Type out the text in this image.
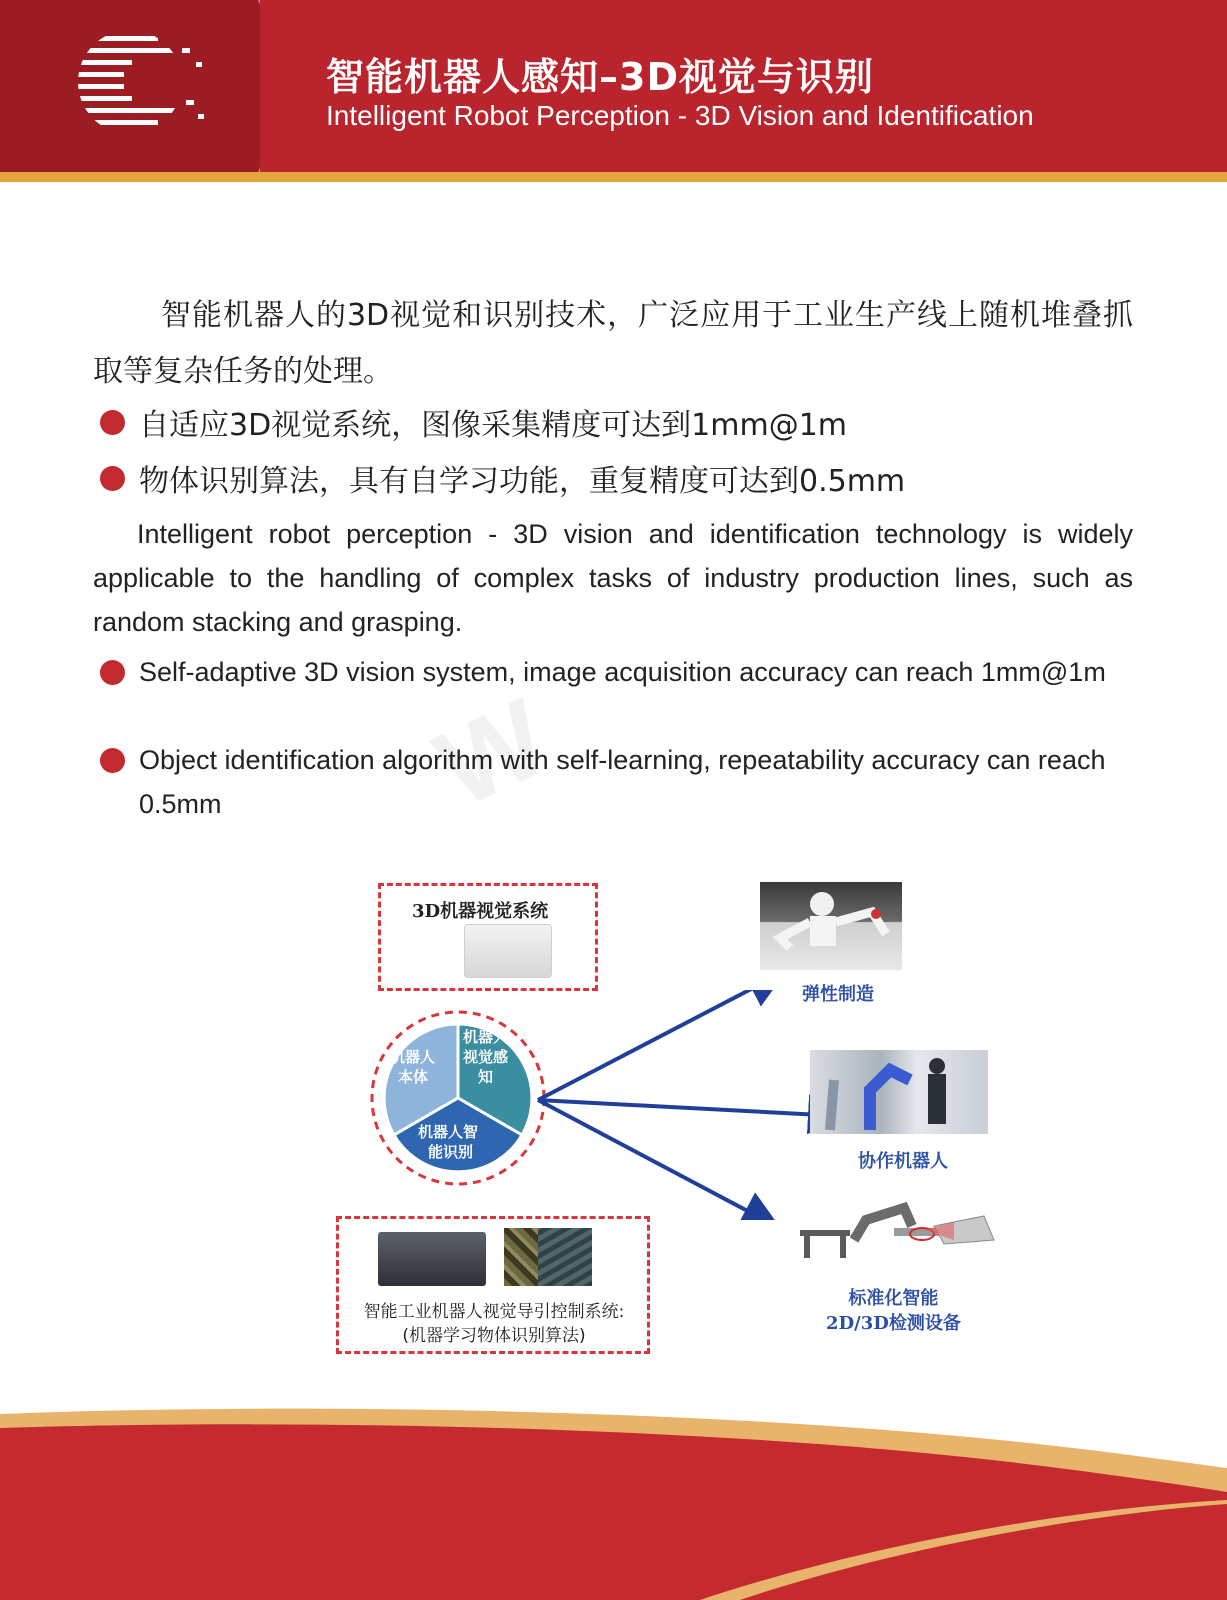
智能机器人感知–3D视觉与识别
Intelligent Robot Perception - 3D Vision and Identification
智能机器人的3D视觉和识别技术，广泛应用于工业生产线上随机堆叠抓取等复杂任务的处理。
自适应3D视觉系统，图像采集精度可达到1mm@1m
物体识别算法，具有自学习功能，重复精度可达到0.5mm
Intelligent robot perception - 3D vision and identification technology is widely applicable to the handling of complex tasks of industry production lines, such as random stacking and grasping.
Self-adaptive 3D vision system, image acquisition accuracy can reach 1mm@1m
Object identification algorithm with self-learning, repeatability accuracy can reach 0.5mm	W
3D机器视觉系统
机器人
本体
机器人
视觉感
知
机器人智
能识别
智能工业机器人视觉导引控制系统:
(机器学习物体识别算法)
弹性制造
协作机器人
标准化智能
2D/3D检测设备
